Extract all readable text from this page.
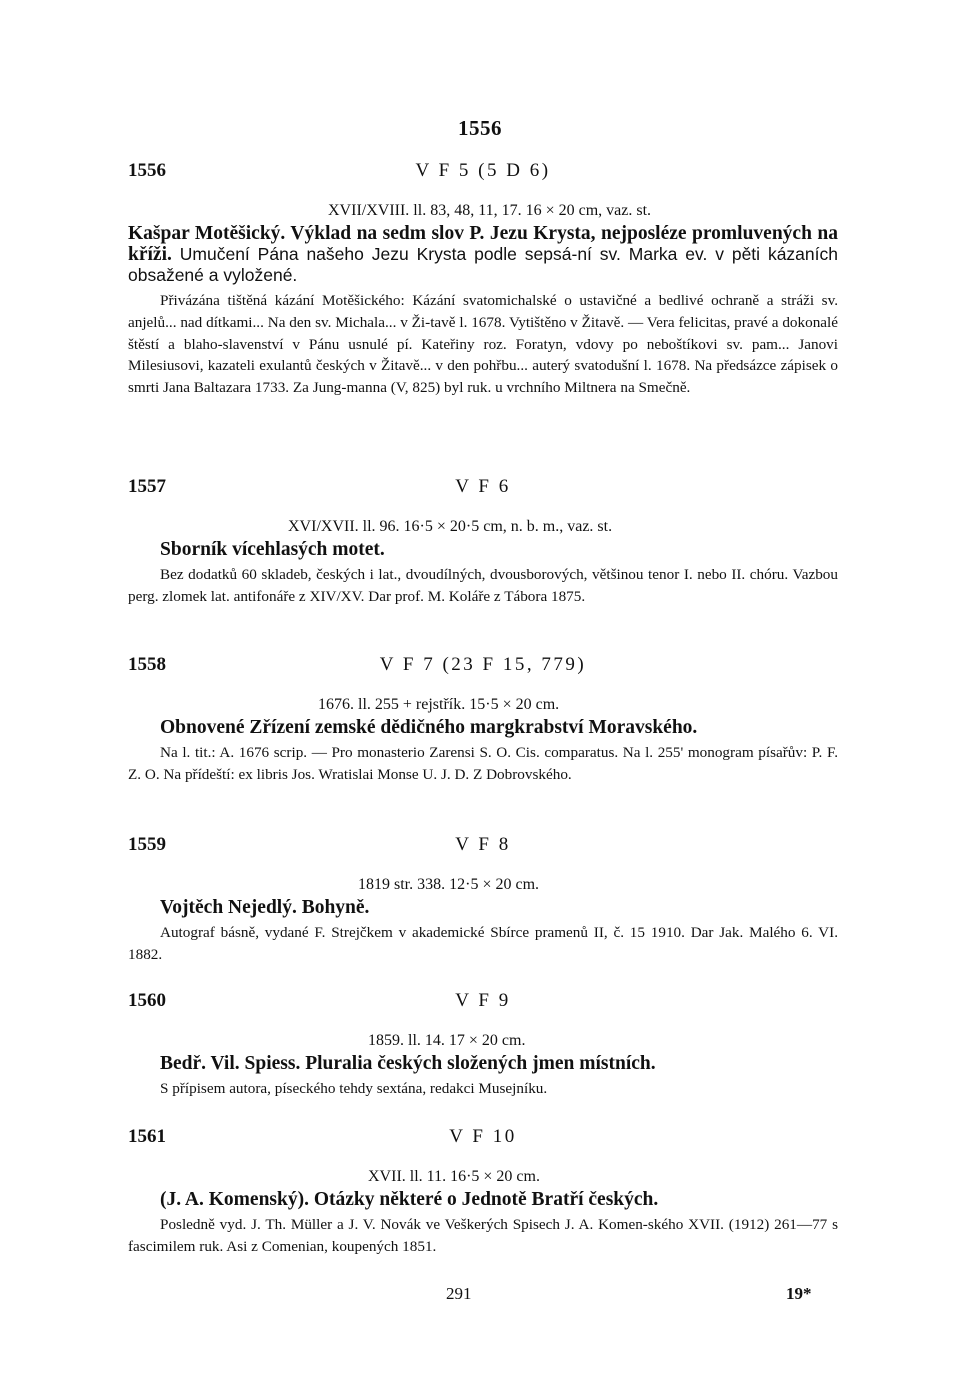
1556
1556	V F 5 (5 D 6)
XVII/XVIII. ll. 83, 48, 11, 17. 16 × 20 cm, vaz. st.

Kašpar Motěšický. Výklad na sedm slov P. Jezu Krysta, nejposléze promluvených na kříži. Umučení Pána našeho Jezu Krysta podle sepsá-ní sv. Marka ev. v pěti kázaních obsažené a vyložené.

Přivázána tištěná kázání Motěšického: Kázání svatomichalské o ustavičné a bedlivé ochraně a stráži sv. anjelů... nad dítkami... Na den sv. Michala... v Ži-tavě l. 1678. Vytištěno v Žitavě. — Vera felicitas, pravé a dokonalé štěstí a blaho-slavenství v Pánu usnulé pí. Kateřiny roz. Foratyn, vdovy po neboštíkovi sv. pam... Janovi Milesiusovi, kazateli exulantů českých v Žitavě... v den pohřbu... auterý svatodušní l. 1678. Na předsázce zápisek o smrti Jana Baltazara 1733. Za Jung-manna (V, 825) byl ruk. u vrchního Miltnera na Smečně.

1557	V F 6
XVI/XVII. ll. 96. 16·5 × 20·5 cm, n. b. m., vaz. st.

Sborník vícehlasých motet.

Bez dodatků 60 skladeb, českých i lat., dvoudílných, dvousborových, většinou tenor I. nebo II. chóru. Vazbou perg. zlomek lat. antifonáře z XIV/XV. Dar prof. M. Koláře z Tábora 1875.

1558	V F 7 (23 F 15, 779)
1676. ll. 255 + rejstřík. 15·5 × 20 cm.

Obnovené Zřízení zemské dědičného margkrabství Moravského.

Na l. tit.: A. 1676 scrip. — Pro monasterio Zarensi S. O. Cis. comparatus. Na l. 255' monogram písařův: P. F. Z. O. Na přídeští: ex libris Jos. Wratislai Monse U. J. D. Z Dobrovského.

1559	V F 8
1819 str. 338. 12·5 × 20 cm.

Vojtěch Nejedlý. Bohyně.

Autograf básně, vydané F. Strejčkem v akademické Sbírce pramenů II, č. 15 1910. Dar Jak. Malého 6. VI. 1882.

1560	V F 9
1859. ll. 14. 17 × 20 cm.

Bedř. Vil. Spiess. Pluralia českých složených jmen místních.

S přípisem autora, píseckého tehdy sextána, redakci Musejníku.

1561	V F 10
XVII. ll. 11. 16·5 × 20 cm.

(J. A. Komenský). Otázky některé o Jednotě Bratří českých.

Posledně vyd. J. Th. Müller a J. V. Novák ve Veškerých Spisech J. A. Komen-ského XVII. (1912) 261—77 s fascimilem ruk. Asi z Comenian, koupených 1851.

291	19*
